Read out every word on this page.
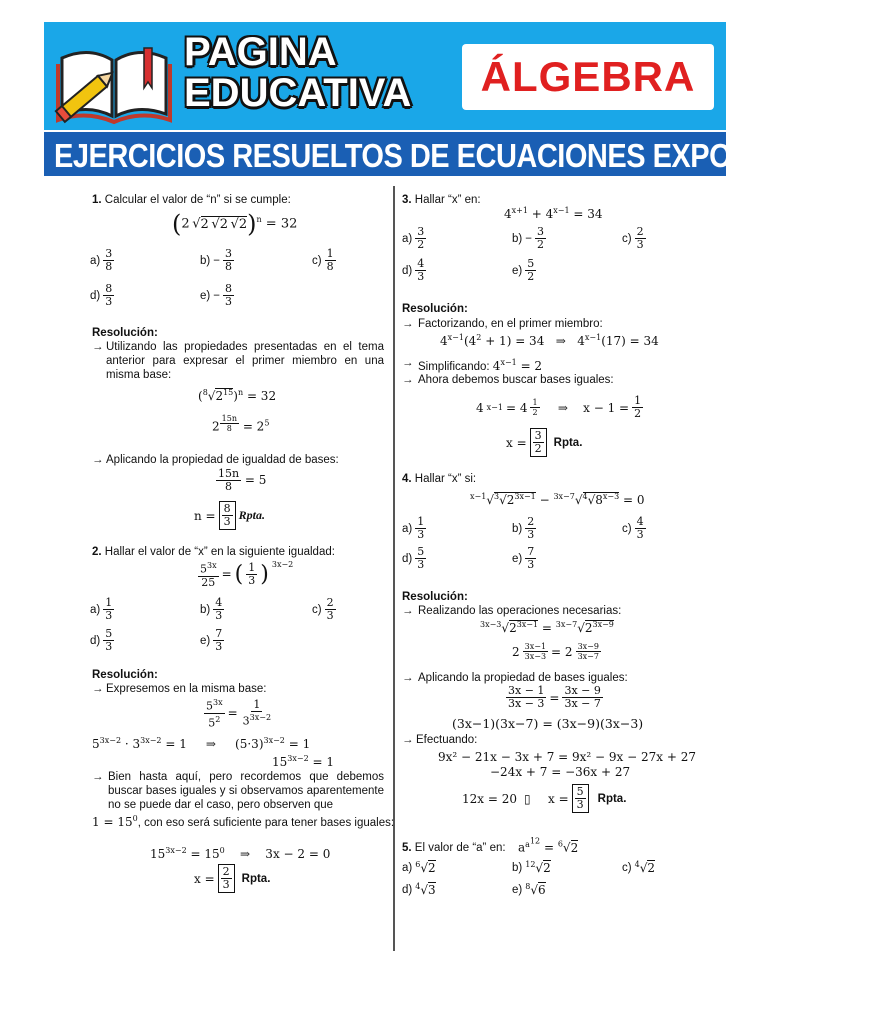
PAGINA
EDUCATIVA	ÁLGEBRA
EJERCICIOS RESUELTOS DE ECUACIONES EXPONENCIALES
1. Calcular el valor de “n” si se cumple:
(2 √2 √2 √2)$^n$ = 32
$a) \frac{3}{8}$	$b) - \frac{3}{8}$	$c) \frac{1}{8}$
$d) \frac{8}{3}$	$e) - \frac{8}{3}$
Resolución:
→ Utilizando las propiedades presentadas en el tema anterior para expresar el primer miembro en una misma base:
$(^8√2^{15})^n = 32$
2 $^{\frac{15n}{8}} = 2^5$
→ Aplicando la propiedad de igualdad de bases:
$\frac{15n}{8} = 5$
$n = \frac{8}{3}$ Rpta.
2. Hallar el valor de “x” en la siguiente igualdad:
$\frac{5^{3x}}{25}$ = ( $\frac{1}{3}$ ) $^{3x-2}$
$a) \frac{1}{3}$	$b) \frac{4}{3}$	$c) \frac{2}{3}$
$d) \frac{5}{3}$	$e) \frac{7}{3}$
Resolución:
→ Expresemos en la misma base:
$\frac{5^{3x}}{5^2} = \frac{1}{3^{3x-2}}$
$5^{3x-2} \cdot 3^{3x-2} = 1$     ⇒     $(5\cdot 3)^{3x-2} = 1$
$15^{3x-2} = 1$
→ Bien hasta aquí, pero recordemos que debemos buscar bases iguales y si observamos aparentemente no se puede dar el caso, pero observen que
$1 = 15^0$, con eso será suficiente para tener bases iguales:
$15^{3x-2} = 15^0$    ⇒    3x − 2 = 0
$x = \frac{2}{3}$ Rpta.
3. Hallar “x” en:
$4^{x+1} + 4^{x-1} = 34$
$a) \frac{3}{2}$	$b) - \frac{3}{2}$	$c) \frac{2}{3}$
$d) \frac{4}{3}$	$e) \frac{5}{2}$
Resolución:
→ Factorizando, en el primer miembro:
$4^{x-1}(4^2 + 1) = 34$   ⇒   $4^{x-1}(17) = 34$
→ Simplificando: $4^{x-1} = 2$
→ Ahora debemos buscar bases iguales:
4 $x-1 = 4 \frac{1}{2}$ ⇒    $x - 1 = \frac{1}{2}$
$x = \frac{3}{2}$ Rpta.
4. Hallar “x” si:
$^{x-1}√^3√2^{3x-1} - ^{3x-7}√^4√8^{x-3} = 0$
$a) \frac{1}{3}$	$b) \frac{2}{3}$	$c) \frac{4}{3}$
$d) \frac{5}{3}$	$e) \frac{7}{3}$
Resolución:
→ Realizando las operaciones necesarias:
$^{3x-3}√2^{3x-1} = ^{3x-7}√2^{3x-9}$
$2 \frac{3x-1}{3x-3} = 2 \frac{3x-9}{3x-7}$
→ Aplicando la propiedad de bases iguales:
$\frac{3x - 1}{3x - 3} = \frac{3x - 9}{3x - 7}$
(3x−1)(3x−7) = (3x−9)(3x−3)
→ Efectuando:
9x² − 21x − 3x + 7 = 9x² − 9x − 27x + 27
−24x + 7 = −36x + 27
12x = 20 ▯ $x = \frac{5}{3}$ Rpta.
5. El valor de “a” en: $a^{a^{12}} = ^6√2$
a) $^6$√2	b) $^{12}$√2	c) $^4$√2
d) $^4$√3	e) $^8$√6
